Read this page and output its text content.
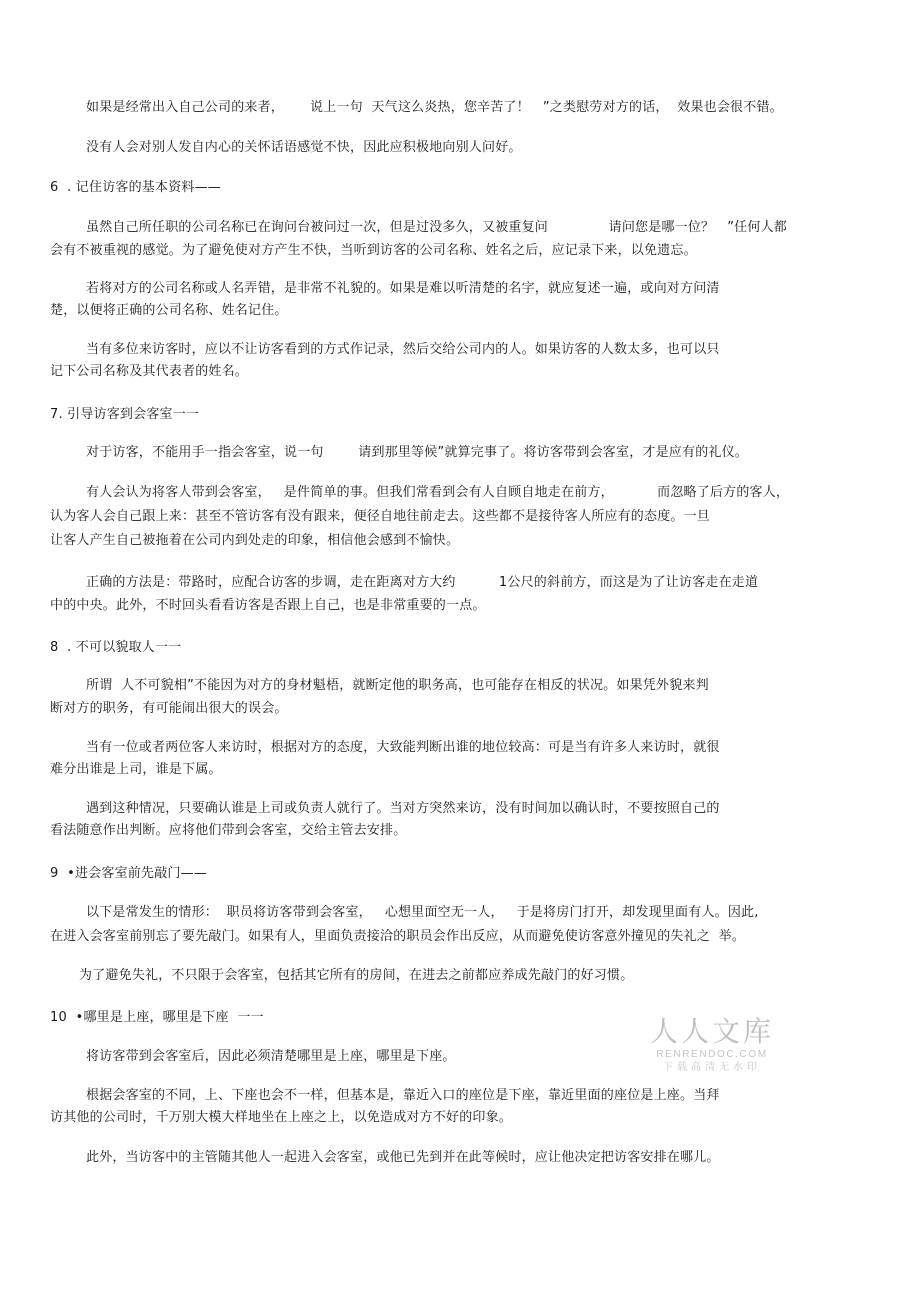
如果是经常出入自己公司的来者，      说上一句  天气这么炎热，您辛苦了！   ”之类慰劳对方的话，  效果也会很不错。
没有人会对别人发自内心的关怀话语感觉不快，因此应积极地向别人问好。
6  . 记住访客的基本资料——
虽然自己所任职的公司名称已在询问台被问过一次，但是过没多久，又被重复问              请问您是哪一位？   ”任何人都
会有不被重视的感觉。为了避免使对方产生不快，当听到访客的公司名称、姓名之后，应记录下来，以免遗忘。
若将对方的公司名称或人名弄错，是非常不礼貌的。如果是难以听清楚的名字，就应复述一遍，或向对方问清
楚，以便将正确的公司名称、姓名记住。
当有多位来访客时，应以不让访客看到的方式作记录，然后交给公司内的人。如果访客的人数太多，也可以只
记下公司名称及其代表者的姓名。
7. 引导访客到会客室一一
对于访客，不能用手一指会客室，说一句        请到那里等候”就算完事了。将访客带到会客室，才是应有的礼仪。
有人会认为将客人带到会客室，   是件简单的事。但我们常看到会有人自顾自地走在前方，          而忽略了后方的客人，
认为客人会自己跟上来：甚至不管访客有没有跟来，便径自地往前走去。这些都不是接待客人所应有的态度。一旦
让客人产生自己被拖着在公司内到处走的印象，相信他会感到不愉快。
正确的方法是：带路时，应配合访客的步调，走在距离对方大约          1公尺的斜前方，而这是为了让访客走在走道
中的中央。此外，不时回头看看访客是否跟上自己，也是非常重要的一点。
8  . 不可以貌取人一一
所谓  人不可貌相”不能因为对方的身材魁梧，就断定他的职务高，也可能存在相反的状况。如果凭外貌来判
断对方的职务，有可能闹出很大的误会。
当有一位或者两位客人来访时，根据对方的态度，大致能判断出谁的地位较高：可是当有许多人来访时，就很
难分出谁是上司，谁是下属。
遇到这种情况，只要确认谁是上司或负责人就行了。当对方突然来访，没有时间加以确认时，不要按照自己的
看法随意作出判断。应将他们带到会客室，交给主管去安排。
9  •进会客室前先敲门——
以下是常发生的情形：  职员将访客带到会客室，   心想里面空无一人，   于是将房门打开，却发现里面有人。因此,
在进入会客室前别忘了要先敲门。如果有人，里面负责接洽的职员会作出反应，从而避免使访客意外撞见的失礼之  举。
为了避免失礼，不只限于会客室，包括其它所有的房间，在进去之前都应养成先敲门的好习惯。
10  •哪里是上座，哪里是下座  一一
将访客带到会客室后，因此必须清楚哪里是上座，哪里是下座。
根据会客室的不同，上、下座也会不一样，但基本是，靠近入口的座位是下座，靠近里面的座位是上座。当拜
访其他的公司时，千万别大模大样地坐在上座之上，以免造成对方不好的印象。
此外，当访客中的主管随其他人一起进入会客室，或他已先到并在此等候时，应让他决定把访客安排在哪儿。
人人文库
RENRENDOC.COM
下载高清无水印
